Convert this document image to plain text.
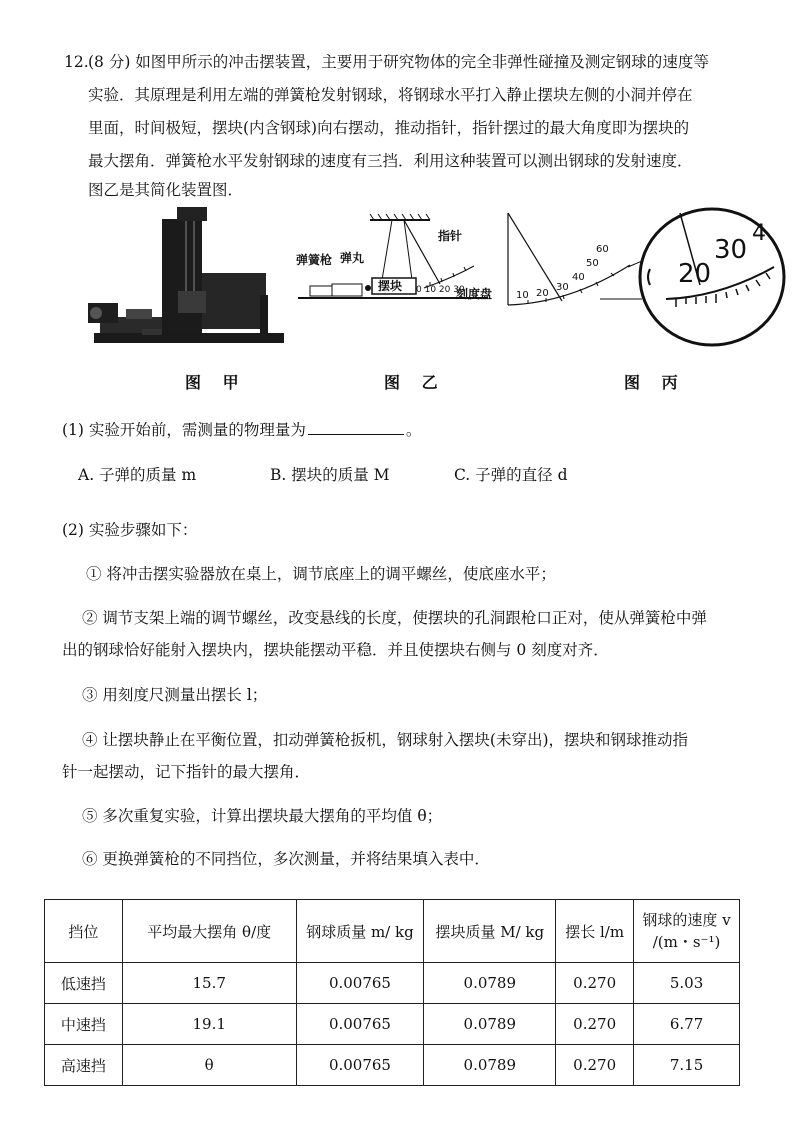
12. (8 分) 如图甲所示的冲击摆装置，主要用于研究物体的完全非弹性碰撞及测定钢球的速度等
实验．其原理是利用左端的弹簧枪发射钢球，将钢球水平打入静止摆块左侧的小洞并停在
里面，时间极短，摆块(内含钢球)向右摆动，推动指针，指针摆过的最大角度即为摆块的
最大摆角．弹簧枪水平发射钢球的速度有三挡．利用这种装置可以测出钢球的发射速度．
图乙是其简化装置图．
图 甲
弹簧枪 弹丸
指针
摆块 0 10 20 30
刻度盘
图 乙
10 20
30
40
50
60
20
30
4
图 丙
(1) 实验开始前，需测量的物理量为	。
A. 子弹的质量 m	B. 摆块的质量 M	C. 子弹的直径 d
(2) 实验步骤如下：
① 将冲击摆实验器放在桌上，调节底座上的调平螺丝，使底座水平；
② 调节支架上端的调节螺丝，改变悬线的长度，使摆块的孔洞跟枪口正对，使从弹簧枪中弹
出的钢球恰好能射入摆块内，摆块能摆动平稳．并且使摆块右侧与 0 刻度对齐．
③ 用刻度尺测量出摆长 l；
④ 让摆块静止在平衡位置，扣动弹簧枪扳机，钢球射入摆块(未穿出)，摆块和钢球推动指
针一起摆动，记下指针的最大摆角．
⑤ 多次重复实验，计算出摆块最大摆角的平均值 θ；
⑥ 更换弹簧枪的不同挡位，多次测量，并将结果填入表中．
挡位	平均最大摆角 θ/度	钢球质量 m/ kg	摆块质量 M/ kg	摆长 l/m	钢球的速度 v
/(m・s⁻¹)

低速挡	15.7	0.00765	0.0789	0.270	5.03
中速挡	19.1	0.00765	0.0789	0.270	6.77
高速挡	θ	0.00765	0.0789	0.270	7.15
